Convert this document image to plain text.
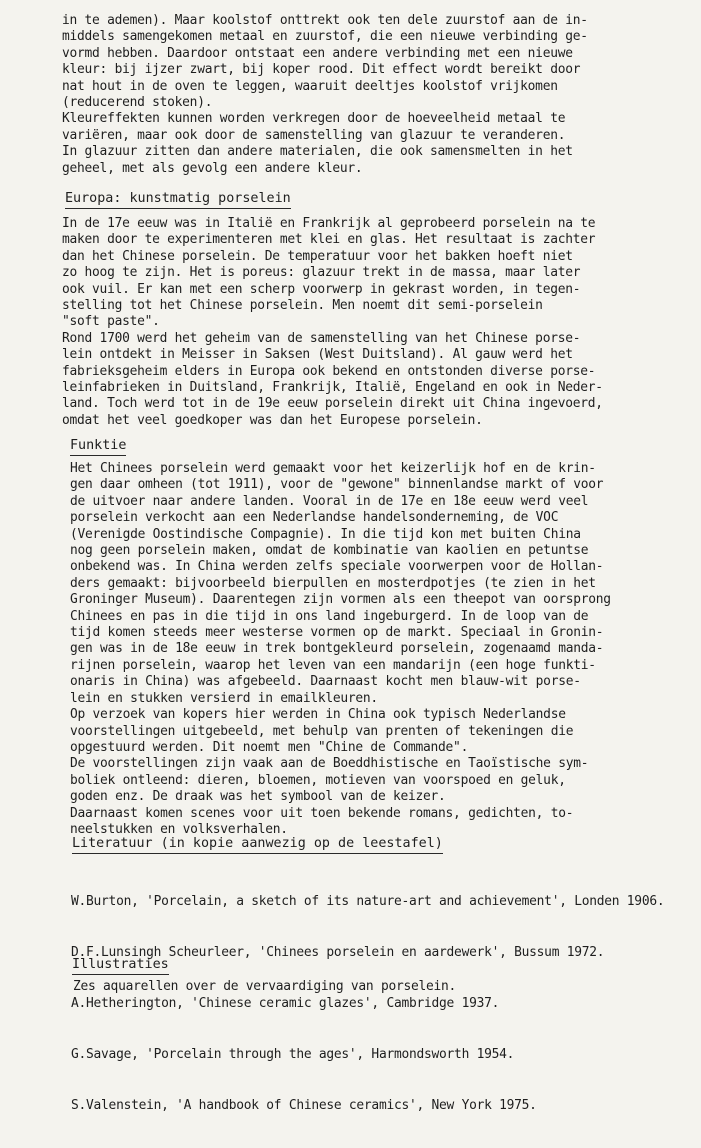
in te ademen). Maar koolstof onttrekt ook ten dele zuurstof aan de in-
middels samengekomen metaal en zuurstof, die een nieuwe verbinding ge-
vormd hebben. Daardoor ontstaat een andere verbinding met een nieuwe
kleur: bij ijzer zwart, bij koper rood. Dit effect wordt bereikt door
nat hout in de oven te leggen, waaruit deeltjes koolstof vrijkomen
(reducerend stoken).
Kleureffekten kunnen worden verkregen door de hoeveelheid metaal te
variëren, maar ook door de samenstelling van glazuur te veranderen.
In glazuur zitten dan andere materialen, die ook samensmelten in het
geheel, met als gevolg een andere kleur.

Europa: kunstmatig porselein

In de 17e eeuw was in Italië en Frankrijk al geprobeerd porselein na te
maken door te experimenteren met klei en glas. Het resultaat is zachter
dan het Chinese porselein. De temperatuur voor het bakken hoeft niet
zo hoog te zijn. Het is poreus: glazuur trekt in de massa, maar later
ook vuil. Er kan met een scherp voorwerp in gekrast worden, in tegen-
stelling tot het Chinese porselein. Men noemt dit semi-porselein
"soft paste".
Rond 1700 werd het geheim van de samenstelling van het Chinese porse-
lein ontdekt in Meisser in Saksen (West Duitsland). Al gauw werd het
fabrieksgeheim elders in Europa ook bekend en ontstonden diverse porse-
leinfabrieken in Duitsland, Frankrijk, Italië, Engeland en ook in Neder-
land. Toch werd tot in de 19e eeuw porselein direkt uit China ingevoerd,
omdat het veel goedkoper was dan het Europese porselein.

Funktie

Het Chinees porselein werd gemaakt voor het keizerlijk hof en de krin-
gen daar omheen (tot 1911), voor de "gewone" binnenlandse markt of voor
de uitvoer naar andere landen. Vooral in de 17e en 18e eeuw werd veel
porselein verkocht aan een Nederlandse handelsonderneming, de VOC
(Verenigde Oostindische Compagnie). In die tijd kon met buiten China
nog geen porselein maken, omdat de kombinatie van kaolien en petuntse
onbekend was. In China werden zelfs speciale voorwerpen voor de Hollan-
ders gemaakt: bijvoorbeeld bierpullen en mosterdpotjes (te zien in het
Groninger Museum). Daarentegen zijn vormen als een theepot van oorsprong
Chinees en pas in die tijd in ons land ingeburgerd. In de loop van de
tijd komen steeds meer westerse vormen op de markt. Speciaal in Gronin-
gen was in de 18e eeuw in trek bontgekleurd porselein, zogenaamd manda-
rijnen porselein, waarop het leven van een mandarijn (een hoge funkti-
onaris in China) was afgebeeld. Daarnaast kocht men blauw-wit porse-
lein en stukken versierd in emailkleuren.
Op verzoek van kopers hier werden in China ook typisch Nederlandse
voorstellingen uitgebeeld, met behulp van prenten of tekeningen die
opgestuurd werden. Dit noemt men "Chine de Commande".
De voorstellingen zijn vaak aan de Boeddhistische en Taoïstische sym-
boliek ontleend: dieren, bloemen, motieven van voorspoed en geluk,
goden enz. De draak was het symbool van de keizer.
Daarnaast komen scenes voor uit toen bekende romans, gedichten, to-
neelstukken en volksverhalen.

Literatuur (in kopie aanwezig op de leestafel)

W.Burton, 'Porcelain, a sketch of its nature-art and achievement', Londen 1906.

D.F.Lunsingh Scheurleer, 'Chinees porselein en aardewerk', Bussum 1972.

A.Hetherington, 'Chinese ceramic glazes', Cambridge 1937.

G.Savage, 'Porcelain through the ages', Harmondsworth 1954.

S.Valenstein, 'A handbook of Chinese ceramics', New York 1975.

Illustraties

Zes aquarellen over de vervaardiging van porselein.
